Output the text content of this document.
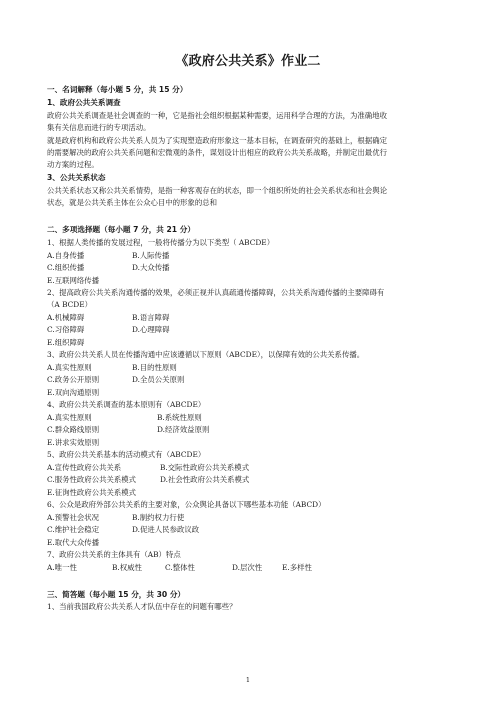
《政府公共关系》作业二
一、名词解释（每小题 5 分，共 15 分）
1、政府公共关系调查
政府公共关系调查是社会调查的一种，它是指社会组织根据某种需要，运用科学合理的方法，为准确地收
集有关信息而进行的专项活动。
就是政府机构和政府公共关系人员为了实现塑造政府形象这一基本目标，在调查研究的基础上，根据确定
的需要解决的政府公共关系问题和宏微观的条件，谋划设计出相应的政府公共关系战略，并制定出最优行
动方案的过程。
3、公共关系状态
公共关系状态又称公共关系情势，是指一种客观存在的状态，即一个组织所处的社会关系状态和社会舆论
状态，就是公共关系主体在公众心目中的形象的总和
二、多项选择题（每小题 7 分，共 21 分）
1、根据人类传播的发展过程，一般将传播分为以下类型（ ABCDE）
A.自身传播	B.人际传播
C.组织传播	D.大众传播
E.互联网络传播
2、提高政府公共关系沟通传播的效果，必须正视并认真疏通传播障碍，公共关系沟通传播的主要障碍有
（A BCDE）
A.机械障碍	B.语言障碍
C.习俗障碍	D.心理障碍
E.组织障碍
3、政府公共关系人员在传播沟通中应该遵循以下原则（ABCDE），以保障有效的公共关系传播。
A.真实性原则	B.目的性原则
C.政务公开原则	D.全员公关原则
E.双向沟通原则
4、政府公共关系调查的基本原则有（ABCDE）
A.真实性原则	B.系统性原则
C.群众路线原则	D.经济效益原则
E.讲求实效原则
5、政府公共关系基本的活动模式有（ABCDE）
A.宣传性政府公共关系	B.交际性政府公共关系模式
C.服务性政府公共关系模式	D.社会性政府公共关系模式
E.征询性政府公共关系模式
6、公众是政府外部公共关系的主要对象，公众舆论具备以下哪些基本功能（ABCD）
A.预警社会状况	B.制约权力行使
C.维护社会稳定	D.促进人民参政议政
E.取代大众传播
7、政府公共关系的主体具有（AB）特点
A.唯一性	B.权威性	C.整体性	D.层次性	E.多样性
三、简答题（每小题 15 分，共 30 分）
1、当前我国政府公共关系人才队伍中存在的问题有哪些？
1
